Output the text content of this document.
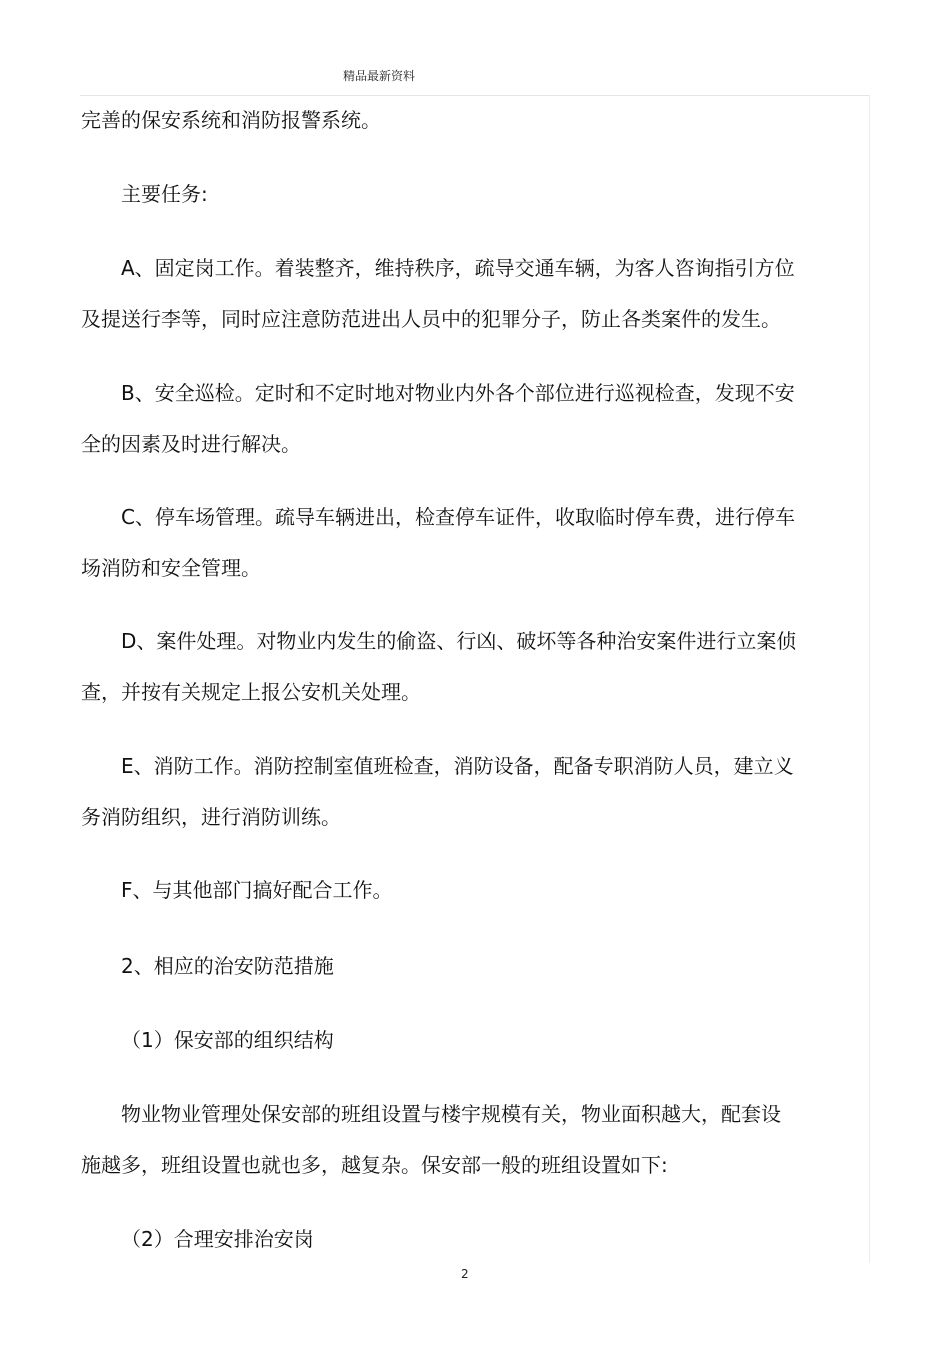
精品最新资料
完善的保安系统和消防报警系统。
主要任务:
A、固定岗工作。着装整齐，维持秩序，疏导交通车辆，为客人咨询指引方位
及提送行李等，同时应注意防范进出人员中的犯罪分子，防止各类案件的发生。
B、安全巡检。定时和不定时地对物业内外各个部位进行巡视检查，发现不安
全的因素及时进行解决。
C、停车场管理。疏导车辆进出，检查停车证件，收取临时停车费，进行停车
场消防和安全管理。
D、案件处理。对物业内发生的偷盗、行凶、破坏等各种治安案件进行立案侦
查，并按有关规定上报公安机关处理。
E、消防工作。消防控制室值班检查，消防设备，配备专职消防人员，建立义
务消防组织，进行消防训练。
F、与其他部门搞好配合工作。
2、相应的治安防范措施
（1）保安部的组织结构
物业物业管理处保安部的班组设置与楼宇规模有关，物业面积越大，配套设
施越多，班组设置也就也多，越复杂。保安部一般的班组设置如下:
（2）合理安排治安岗
2
